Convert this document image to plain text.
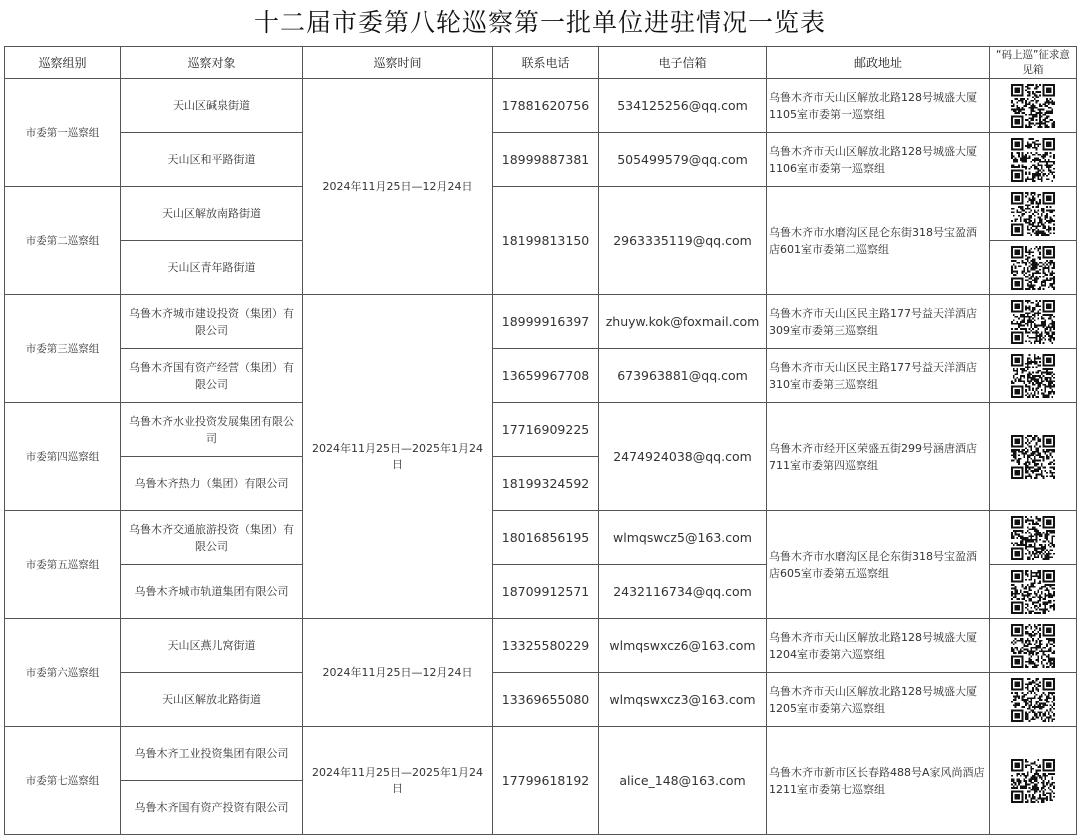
十二届市委第八轮巡察第一批单位进驻情况一览表
巡察组别	巡察对象	巡察时间	联系电话	电子信箱	邮政地址	“码上巡”征求意见箱
市委第一巡察组	天山区碱泉街道	2024年11月25日—12月24日	17881620756	534125256@qq.com	乌鲁木齐市天山区解放北路128号城盛大厦1105室市委第一巡察组	

	天山区和平路街道		18999887381	505499579@qq.com	乌鲁木齐市天山区解放北路128号城盛大厦1106室市委第一巡察组	

市委第二巡察组	天山区解放南路街道		18199813150	2963335119@qq.com	乌鲁木齐市水磨沟区昆仑东街318号宝盈酒店601室市委第二巡察组	

	天山区青年路街道	

市委第三巡察组	乌鲁木齐城市建设投资（集团）有限公司	2024年11月25日—2025年1月24日	18999916397	zhuyw.kok@foxmail.com	乌鲁木齐市天山区民主路177号益天洋酒店309室市委第三巡察组	

	乌鲁木齐国有资产经营（集团）有限公司		13659967708	673963881@qq.com	乌鲁木齐市天山区民主路177号益天洋酒店310室市委第三巡察组	

市委第四巡察组	乌鲁木齐水业投资发展集团有限公司		17716909225	2474924038@qq.com	乌鲁木齐市经开区荣盛五街299号涵唐酒店711室市委第四巡察组	

	乌鲁木齐热力（集团）有限公司		18199324592			
市委第五巡察组	乌鲁木齐交通旅游投资（集团）有限公司		18016856195	wlmqswcz5@163.com	乌鲁木齐市水磨沟区昆仑东街318号宝盈酒店605室市委第五巡察组	

	乌鲁木齐城市轨道集团有限公司		18709912571	2432116734@qq.com	

市委第六巡察组	天山区燕儿窝街道	2024年11月25日—12月24日	13325580229	wlmqswxcz6@163.com	乌鲁木齐市天山区解放北路128号城盛大厦1204室市委第六巡察组	

	天山区解放北路街道		13369655080	wlmqswxcz3@163.com	乌鲁木齐市天山区解放北路128号城盛大厦1205室市委第六巡察组	

市委第七巡察组	乌鲁木齐工业投资集团有限公司	2024年11月25日—2025年1月24日	17799618192	alice_148@163.com	乌鲁木齐市新市区长春路488号A家风尚酒店1211室市委第七巡察组	

	乌鲁木齐国有资产投资有限公司					
